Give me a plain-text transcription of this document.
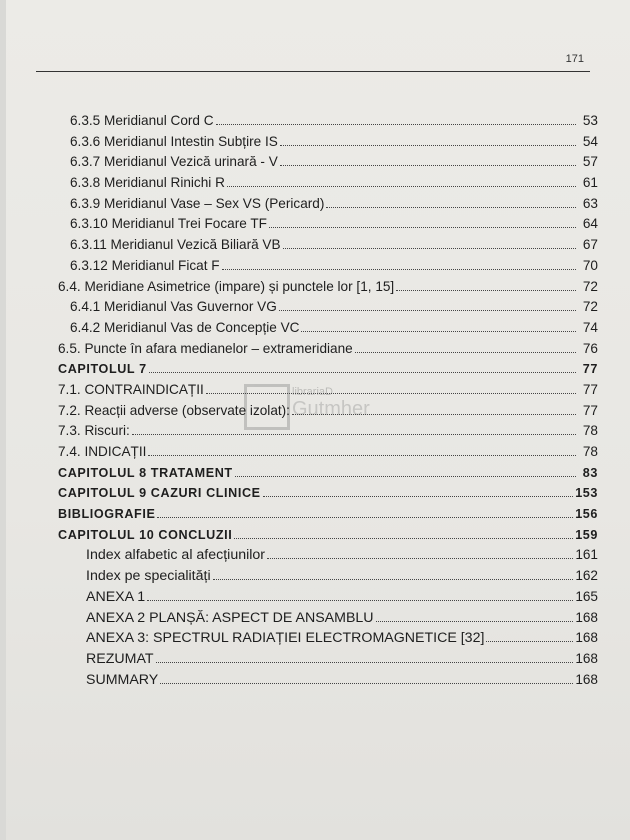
171
librariaD
Gutmher
6.3.5 Meridianul Cord C	53
6.3.6 Meridianul Intestin Subțire IS	54
6.3.7 Meridianul Vezică urinară - V	57
6.3.8 Meridianul Rinichi R	61
6.3.9 Meridianul Vase – Sex VS (Pericard)	63
6.3.10 Meridianul Trei Focare TF	64
6.3.11 Meridianul Vezică Biliară VB	67
6.3.12 Meridianul Ficat F	70
6.4. Meridiane Asimetrice (impare) și punctele lor [1, 15]	72
6.4.1 Meridianul Vas Guvernor VG	72
6.4.2 Meridianul Vas de Concepție VC	74
6.5. Puncte în afara medianelor – extrameridiane	76
CAPITOLUL 7	77
7.1. CONTRAINDICAȚII	77
7.2. Reacții adverse (observate izolat):	77
7.3. Riscuri:	78
7.4. INDICAȚII	78
CAPITOLUL 8 TRATAMENT	83
CAPITOLUL 9 CAZURI CLINICE	153
BIBLIOGRAFIE	156
CAPITOLUL 10 CONCLUZII	159
Index alfabetic al afecțiunilor	161
Index pe specialități	162
ANEXA 1	165
ANEXA 2 PLANȘĂ: ASPECT DE ANSAMBLU	168
ANEXA 3: SPECTRUL RADIAȚIEI ELECTROMAGNETICE [32]	168
REZUMAT	168
SUMMARY	168
